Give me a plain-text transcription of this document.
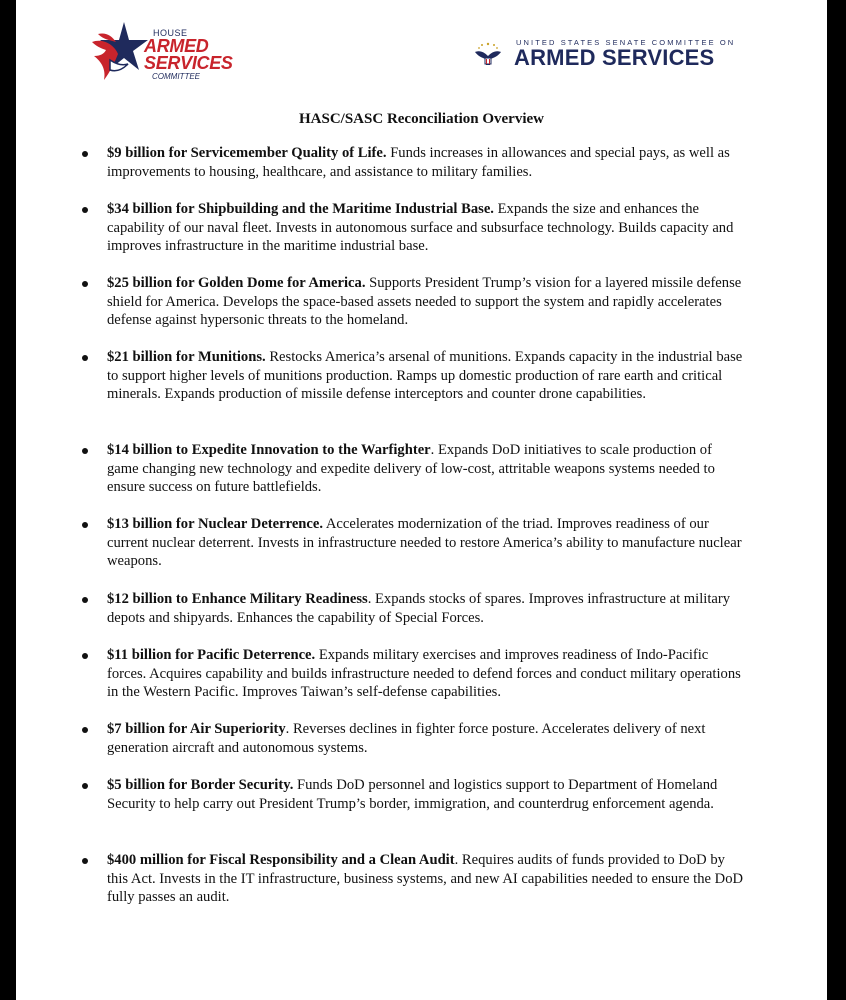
HOUSE
ARMED
SERVICES
COMMITTEE
UNITED STATES SENATE COMMITTEE ON
ARMED SERVICES
HASC/SASC Reconciliation Overview
$9 billion for Servicemember Quality of Life. Funds increases in allowances and special pays, as well as improvements to housing, healthcare, and assistance to military families.
$34 billion for Shipbuilding and the Maritime Industrial Base. Expands the size and enhances the capability of our naval fleet. Invests in autonomous surface and subsurface technology. Builds capacity and improves infrastructure in the maritime industrial base.
$25 billion for Golden Dome for America. Supports President Trump’s vision for a layered missile defense shield for America. Develops the space-based assets needed to support the system and rapidly accelerates defense against hypersonic threats to the homeland.
$21 billion for Munitions. Restocks America’s arsenal of munitions. Expands capacity in the industrial base to support higher levels of munitions production. Ramps up domestic production of rare earth and critical minerals. Expands production of missile defense interceptors and counter drone capabilities.
$14 billion to Expedite Innovation to the Warfighter. Expands DoD initiatives to scale production of game changing new technology and expedite delivery of low-cost, attritable weapons systems needed to ensure success on future battlefields.
$13 billion for Nuclear Deterrence. Accelerates modernization of the triad. Improves readiness of our current nuclear deterrent. Invests in infrastructure needed to restore America’s ability to manufacture nuclear weapons.
$12 billion to Enhance Military Readiness. Expands stocks of spares. Improves infrastructure at military depots and shipyards. Enhances the capability of Special Forces.
$11 billion for Pacific Deterrence. Expands military exercises and improves readiness of Indo-Pacific forces. Acquires capability and builds infrastructure needed to defend forces and conduct military operations in the Western Pacific. Improves Taiwan’s self-defense capabilities.
$7 billion for Air Superiority. Reverses declines in fighter force posture. Accelerates delivery of next generation aircraft and autonomous systems.
$5 billion for Border Security. Funds DoD personnel and logistics support to Department of Homeland Security to help carry out President Trump’s border, immigration, and counterdrug enforcement agenda.
$400 million for Fiscal Responsibility and a Clean Audit. Requires audits of funds provided to DoD by this Act. Invests in the IT infrastructure, business systems, and new AI capabilities needed to ensure the DoD fully passes an audit.
